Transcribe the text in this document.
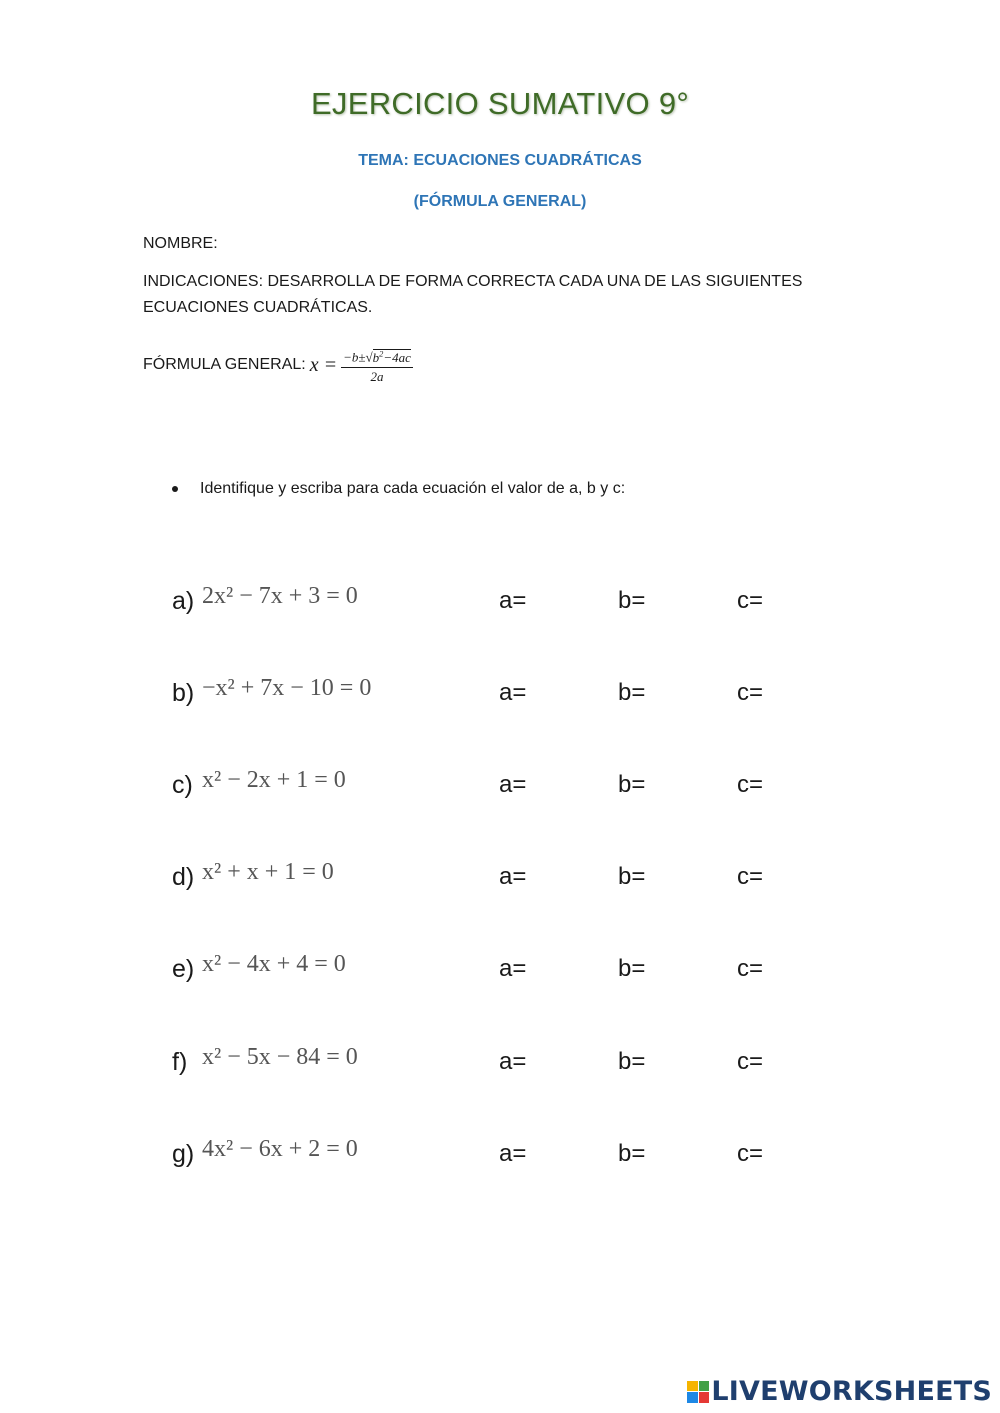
EJERCICIO SUMATIVO 9°
TEMA: ECUACIONES CUADRÁTICAS
(FÓRMULA GENERAL)
NOMBRE:
INDICACIONES: DESARROLLA DE FORMA CORRECTA CADA UNA DE LAS SIGUIENTES ECUACIONES CUADRÁTICAS.
FÓRMULA GENERAL: $x = \frac{-b\pm√b^2-4ac}{2a}$
Identifique y escriba para cada ecuación el valor de a, b y c:
a) 2x² − 7x + 3 = 0	a=	b=	c=
b) −x² + 7x − 10 = 0	a=	b=	c=
c) x² − 2x + 1 = 0	a=	b=	c=
d) x² + x + 1 = 0	a=	b=	c=
e) x² − 4x + 4 = 0	a=	b=	c=
f) x² − 5x − 84 = 0	a=	b=	c=
g) 4x² − 6x + 2 = 0	a=	b=	c=
LIVEWORKSHEETS
